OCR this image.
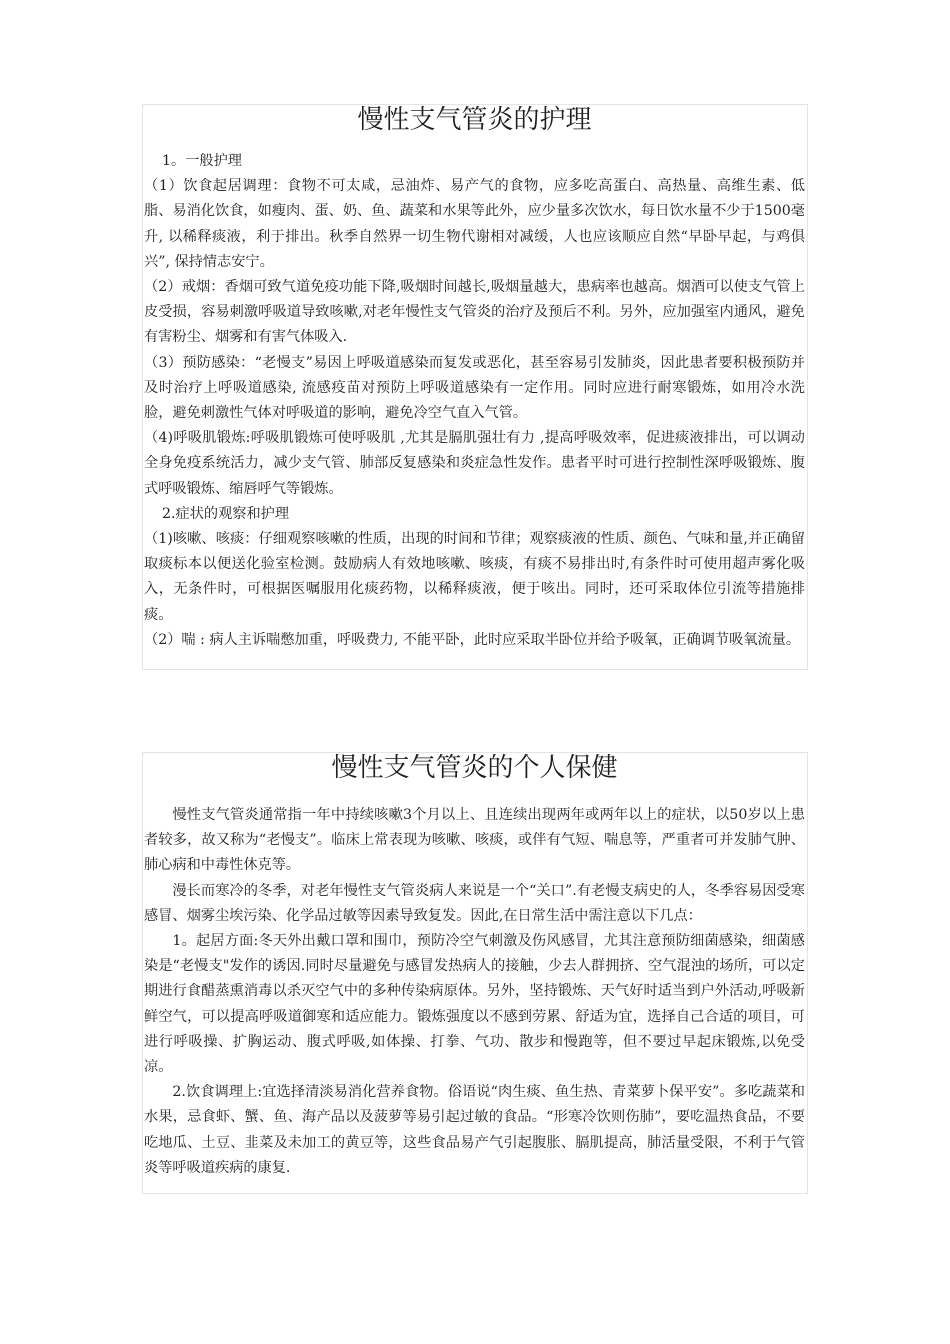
慢性支气管炎的护理

1。一般护理

（1）饮食起居调理：食物不可太咸，忌油炸、易产气的食物，应多吃高蛋白、高热量、高维生素、低脂、易消化饮食，如瘦肉、蛋、奶、鱼、蔬菜和水果等此外，应少量多次饮水，每日饮水量不少于1500毫升, 以稀释痰液，利于排出。秋季自然界一切生物代谢相对减缓，人也应该顺应自然“早卧早起，与鸡俱兴”, 保持情志安宁。

（2）戒烟：香烟可致气道免疫功能下降,吸烟时间越长,吸烟量越大，患病率也越高。烟酒可以使支气管上皮受损，容易刺激呼吸道导致咳嗽,对老年慢性支气管炎的治疗及预后不利。另外，应加强室内通风，避免有害粉尘、烟雾和有害气体吸入.

（3）预防感染：“老慢支”易因上呼吸道感染而复发或恶化，甚至容易引发肺炎，因此患者要积极预防并及时治疗上呼吸道感染, 流感疫苗对预防上呼吸道感染有一定作用。同时应进行耐寒锻炼，如用冷水洗脸，避免刺激性气体对呼吸道的影响，避免冷空气直入气管。

（4)呼吸肌锻炼:呼吸肌锻炼可使呼吸肌 ,尤其是膈肌强壮有力 ,提高呼吸效率，促进痰液排出，可以调动全身免疫系统活力，减少支气管、肺部反复感染和炎症急性发作。患者平时可进行控制性深呼吸锻炼、腹式呼吸锻炼、缩唇呼气等锻炼。

2.症状的观察和护理

（1)咳嗽、咳痰：仔细观察咳嗽的性质，出现的时间和节律；观察痰液的性质、颜色、气味和量,并正确留取痰标本以便送化验室检测。鼓励病人有效地咳嗽、咳痰，有痰不易排出时,有条件时可使用超声雾化吸入，无条件时，可根据医嘱服用化痰药物，以稀释痰液，便于咳出。同时，还可采取体位引流等措施排痰。

（2）喘 : 病人主诉喘憋加重，呼吸费力, 不能平卧，此时应采取半卧位并给予吸氧，正确调节吸氧流量。

慢性支气管炎的个人保健

慢性支气管炎通常指一年中持续咳嗽3个月以上、且连续出现两年或两年以上的症状，以50岁以上患者较多，故又称为“老慢支”。临床上常表现为咳嗽、咳痰，或伴有气短、喘息等，严重者可并发肺气肿、肺心病和中毒性休克等。

漫长而寒冷的冬季，对老年慢性支气管炎病人来说是一个“关口”.有老慢支病史的人，冬季容易因受寒感冒、烟雾尘埃污染、化学品过敏等因素导致复发。因此,在日常生活中需注意以下几点：

1。起居方面:冬天外出戴口罩和围巾，预防冷空气刺激及伤风感冒，尤其注意预防细菌感染，细菌感染是“老慢支"发作的诱因.同时尽量避免与感冒发热病人的接触，少去人群拥挤、空气混浊的场所，可以定期进行食醋蒸熏消毒以杀灭空气中的多种传染病原体。另外，坚持锻炼、天气好时适当到户外活动,呼吸新鲜空气，可以提高呼吸道御寒和适应能力。锻炼强度以不感到劳累、舒适为宜，选择自己合适的项目，可进行呼吸操、扩胸运动、腹式呼吸,如体操、打拳、气功、散步和慢跑等，但不要过早起床锻炼,以免受凉。

2.饮食调理上:宜选择清淡易消化营养食物。俗语说“肉生痰、鱼生热、青菜萝卜保平安”。多吃蔬菜和水果，忌食虾、蟹、鱼、海产品以及菠萝等易引起过敏的食品。“形寒冷饮则伤肺”，要吃温热食品，不要吃地瓜、土豆、韭菜及未加工的黄豆等，这些食品易产气引起腹胀、膈肌提高，肺活量受限，不利于气管炎等呼吸道疾病的康复.
